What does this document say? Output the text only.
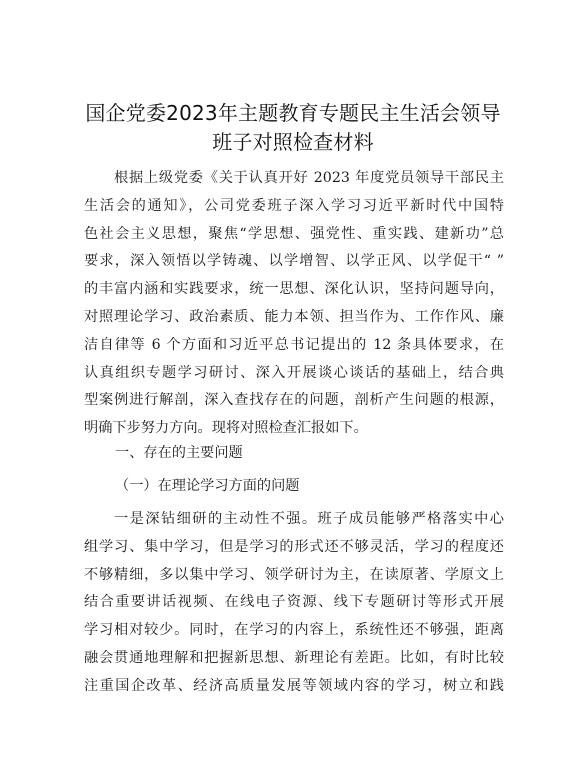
国企党委2023年主题教育专题民主生活会领导
班子对照检查材料
根据上级党委《关于认真开好 2023 年度党员领导干部民主
生活会的通知》，公司党委班子深入学习习近平新时代中国特
色社会主义思想，聚焦“学思想、强党性、重实践、建新功”总
要求，深入领悟以学铸魂、以学增智、以学正风、以学促干“ ”
的丰富内涵和实践要求，统一思想、深化认识，坚持问题导向，
对照理论学习、政治素质、能力本领、担当作为、工作作风、廉
洁自律等 6 个方面和习近平总书记提出的 12 条具体要求，在
认真组织专题学习研讨、深入开展谈心谈话的基础上，结合典
型案例进行解剖，深入查找存在的问题，剖析产生问题的根源，
明确下步努力方向。现将对照检查汇报如下。
一、存在的主要问题
（一）在理论学习方面的问题
一是深钻细研的主动性不强。班子成员能够严格落实中心
组学习、集中学习，但是学习的形式还不够灵活，学习的程度还
不够精细，多以集中学习、领学研讨为主，在读原著、学原文上
结合重要讲话视频、在线电子资源、线下专题研讨等形式开展
学习相对较少。同时，在学习的内容上，系统性还不够强，距离
融会贯通地理解和把握新思想、新理论有差距。比如，有时比较
注重国企改革、经济高质量发展等领域内容的学习，树立和践
